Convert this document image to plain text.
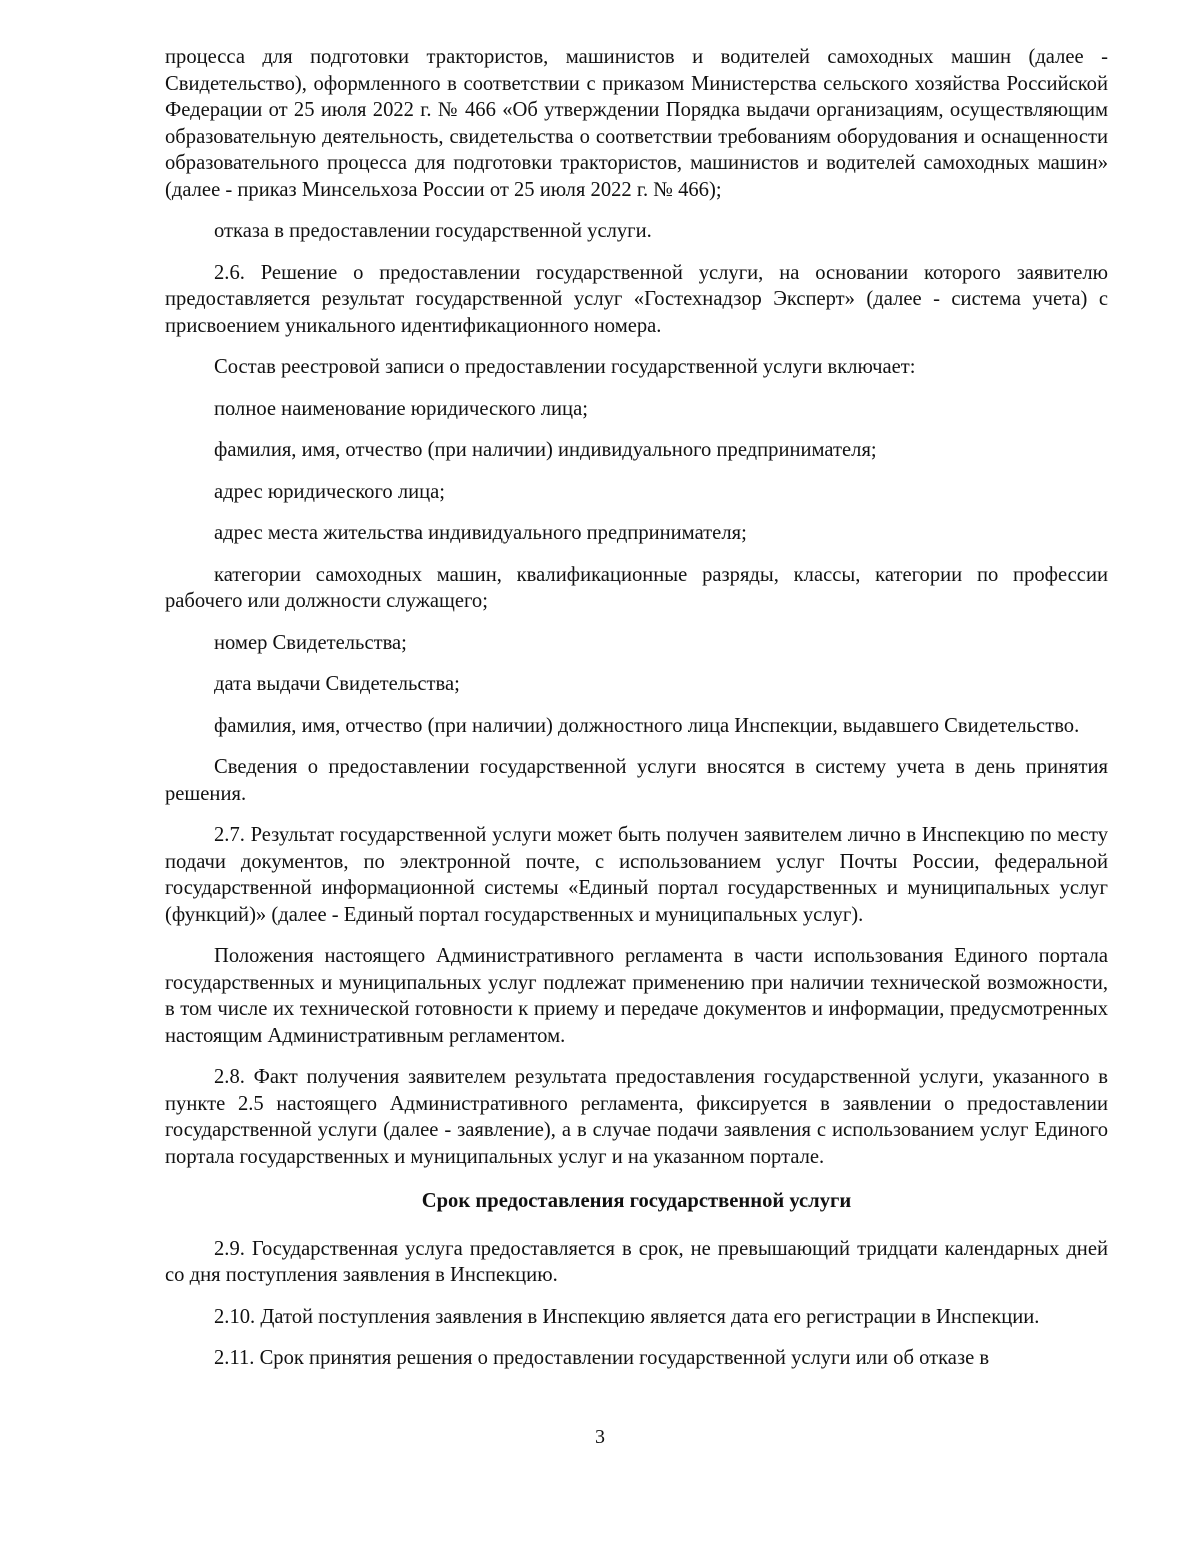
процесса для подготовки трактористов, машинистов и водителей самоходных машин (далее - Свидетельство), оформленного в соответствии с приказом Министерства сельского хозяйства Российской Федерации от 25 июля 2022 г. № 466 «Об утверждении Порядка выдачи организациям, осуществляющим образовательную деятельность, свидетельства о соответствии требованиям оборудования и оснащенности образовательного процесса для подготовки трактористов, машинистов и водителей самоходных машин» (далее - приказ Минсельхоза России от 25 июля 2022 г. № 466);

отказа в предоставлении государственной услуги.

2.6. Решение о предоставлении государственной услуги, на основании которого заявителю предоставляется результат государственной услуг «Гостехнадзор Эксперт» (далее - система учета) с присвоением уникального идентификационного номера.

Состав реестровой записи о предоставлении государственной услуги включает:

полное наименование юридического лица;

фамилия, имя, отчество (при наличии) индивидуального предпринимателя;

адрес юридического лица;

адрес места жительства индивидуального предпринимателя;

категории самоходных машин, квалификационные разряды, классы, категории по профессии рабочего или должности служащего;

номер Свидетельства;

дата выдачи Свидетельства;

фамилия, имя, отчество (при наличии) должностного лица Инспекции, выдавшего Свидетельство.

Сведения о предоставлении государственной услуги вносятся в систему учета в день принятия решения.

2.7. Результат государственной услуги может быть получен заявителем лично в Инспекцию по месту подачи документов, по электронной почте, с использованием услуг Почты России, федеральной государственной информационной системы «Единый портал государственных и муниципальных услуг (функций)» (далее - Единый портал государственных и муниципальных услуг).

Положения настоящего Административного регламента в части использования Единого портала государственных и муниципальных услуг подлежат применению при наличии технической возможности, в том числе их технической готовности к приему и передаче документов и информации, предусмотренных настоящим Административным регламентом.

2.8. Факт получения заявителем результата предоставления государственной услуги, указанного в пункте 2.5 настоящего Административного регламента, фиксируется в заявлении о предоставлении государственной услуги (далее - заявление), а в случае подачи заявления с использованием услуг Единого портала государственных и муниципальных услуг и на указанном портале.

Срок предоставления государственной услуги

2.9. Государственная услуга предоставляется в срок, не превышающий тридцати календарных дней со дня поступления заявления в Инспекцию.

2.10. Датой поступления заявления в Инспекцию является дата его регистрации в Инспекции.

2.11. Срок принятия решения о предоставлении государственной услуги или об отказе в

3
